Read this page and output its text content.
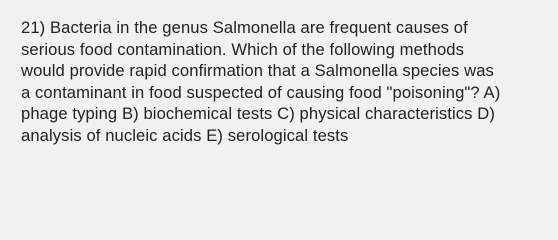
21) Bacteria in the genus Salmonella are frequent causes of
serious food contamination. Which of the following methods
would provide rapid confirmation that a Salmonella species was
a contaminant in food suspected of causing food "poisoning"? A)
phage typing B) biochemical tests C) physical characteristics D)
analysis of nucleic acids E) serological tests
